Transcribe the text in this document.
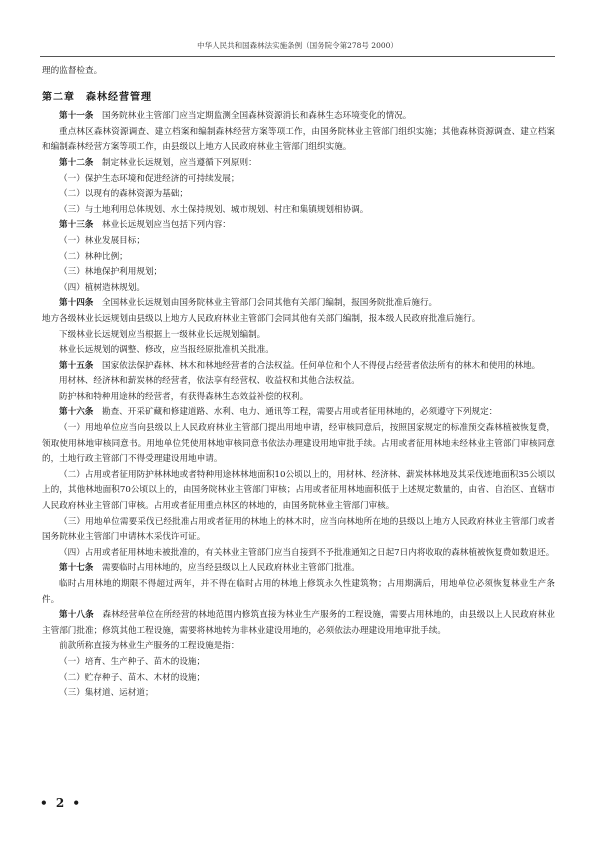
中华人民共和国森林法实施条例（国务院令第278号 2000）

理的监督检查。

第二章　森林经营管理

第十一条　国务院林业主管部门应当定期监测全国森林资源消长和森林生态环境变化的情况。

重点林区森林资源调查、建立档案和编制森林经营方案等项工作，由国务院林业主管部门组织实施；其他森林资源调查、建立档案和编制森林经营方案等项工作，由县级以上地方人民政府林业主管部门组织实施。

第十二条　制定林业长远规划，应当遵循下列原则：

（一）保护生态环境和促进经济的可持续发展；

（二）以现有的森林资源为基础；

（三）与土地利用总体规划、水土保持规划、城市规划、村庄和集镇规划相协调。

第十三条　林业长远规划应当包括下列内容：

（一）林业发展目标；

（二）林种比例；

（三）林地保护利用规划；

（四）植树造林规划。

第十四条　全国林业长远规划由国务院林业主管部门会同其他有关部门编制，报国务院批准后施行。

地方各级林业长远规划由县级以上地方人民政府林业主管部门会同其他有关部门编制，报本级人民政府批准后施行。

下级林业长远规划应当根据上一级林业长远规划编制。

林业长远规划的调整、修改，应当报经原批准机关批准。

第十五条　国家依法保护森林、林木和林地经营者的合法权益。任何单位和个人不得侵占经营者依法所有的林木和使用的林地。

用材林、经济林和薪炭林的经营者，依法享有经营权、收益权和其他合法权益。

防护林和特种用途林的经营者，有获得森林生态效益补偿的权利。

第十六条　勘查、开采矿藏和修建道路、水利、电力、通讯等工程，需要占用或者征用林地的，必须遵守下列规定：

（一）用地单位应当向县级以上人民政府林业主管部门提出用地申请，经审核同意后，按照国家规定的标准预交森林植被恢复费，领取使用林地审核同意书。用地单位凭使用林地审核同意书依法办理建设用地审批手续。占用或者征用林地未经林业主管部门审核同意的，土地行政主管部门不得受理建设用地申请。

（二）占用或者征用防护林林地或者特种用途林林地面积10公顷以上的，用材林、经济林、薪炭林林地及其采伐迹地面积35公顷以上的，其他林地面积70公顷以上的，由国务院林业主管部门审核；占用或者征用林地面积低于上述规定数量的，由省、自治区、直辖市人民政府林业主管部门审核。占用或者征用重点林区的林地的，由国务院林业主管部门审核。

（三）用地单位需要采伐已经批准占用或者征用的林地上的林木时，应当向林地所在地的县级以上地方人民政府林业主管部门或者国务院林业主管部门申请林木采伐许可证。

（四）占用或者征用林地未被批准的，有关林业主管部门应当自接到不予批准通知之日起7日内将收取的森林植被恢复费如数退还。

第十七条　需要临时占用林地的，应当经县级以上人民政府林业主管部门批准。

临时占用林地的期限不得超过两年，并不得在临时占用的林地上修筑永久性建筑物；占用期满后，用地单位必须恢复林业生产条件。

第十八条　森林经营单位在所经营的林地范围内修筑直接为林业生产服务的工程设施，需要占用林地的，由县级以上人民政府林业主管部门批准；修筑其他工程设施，需要将林地转为非林业建设用地的，必须依法办理建设用地审批手续。

前款所称直接为林业生产服务的工程设施是指：

（一）培育、生产种子、苗木的设施；

（二）贮存种子、苗木、木材的设施；

（三）集材道、运材道；

• 2 •
